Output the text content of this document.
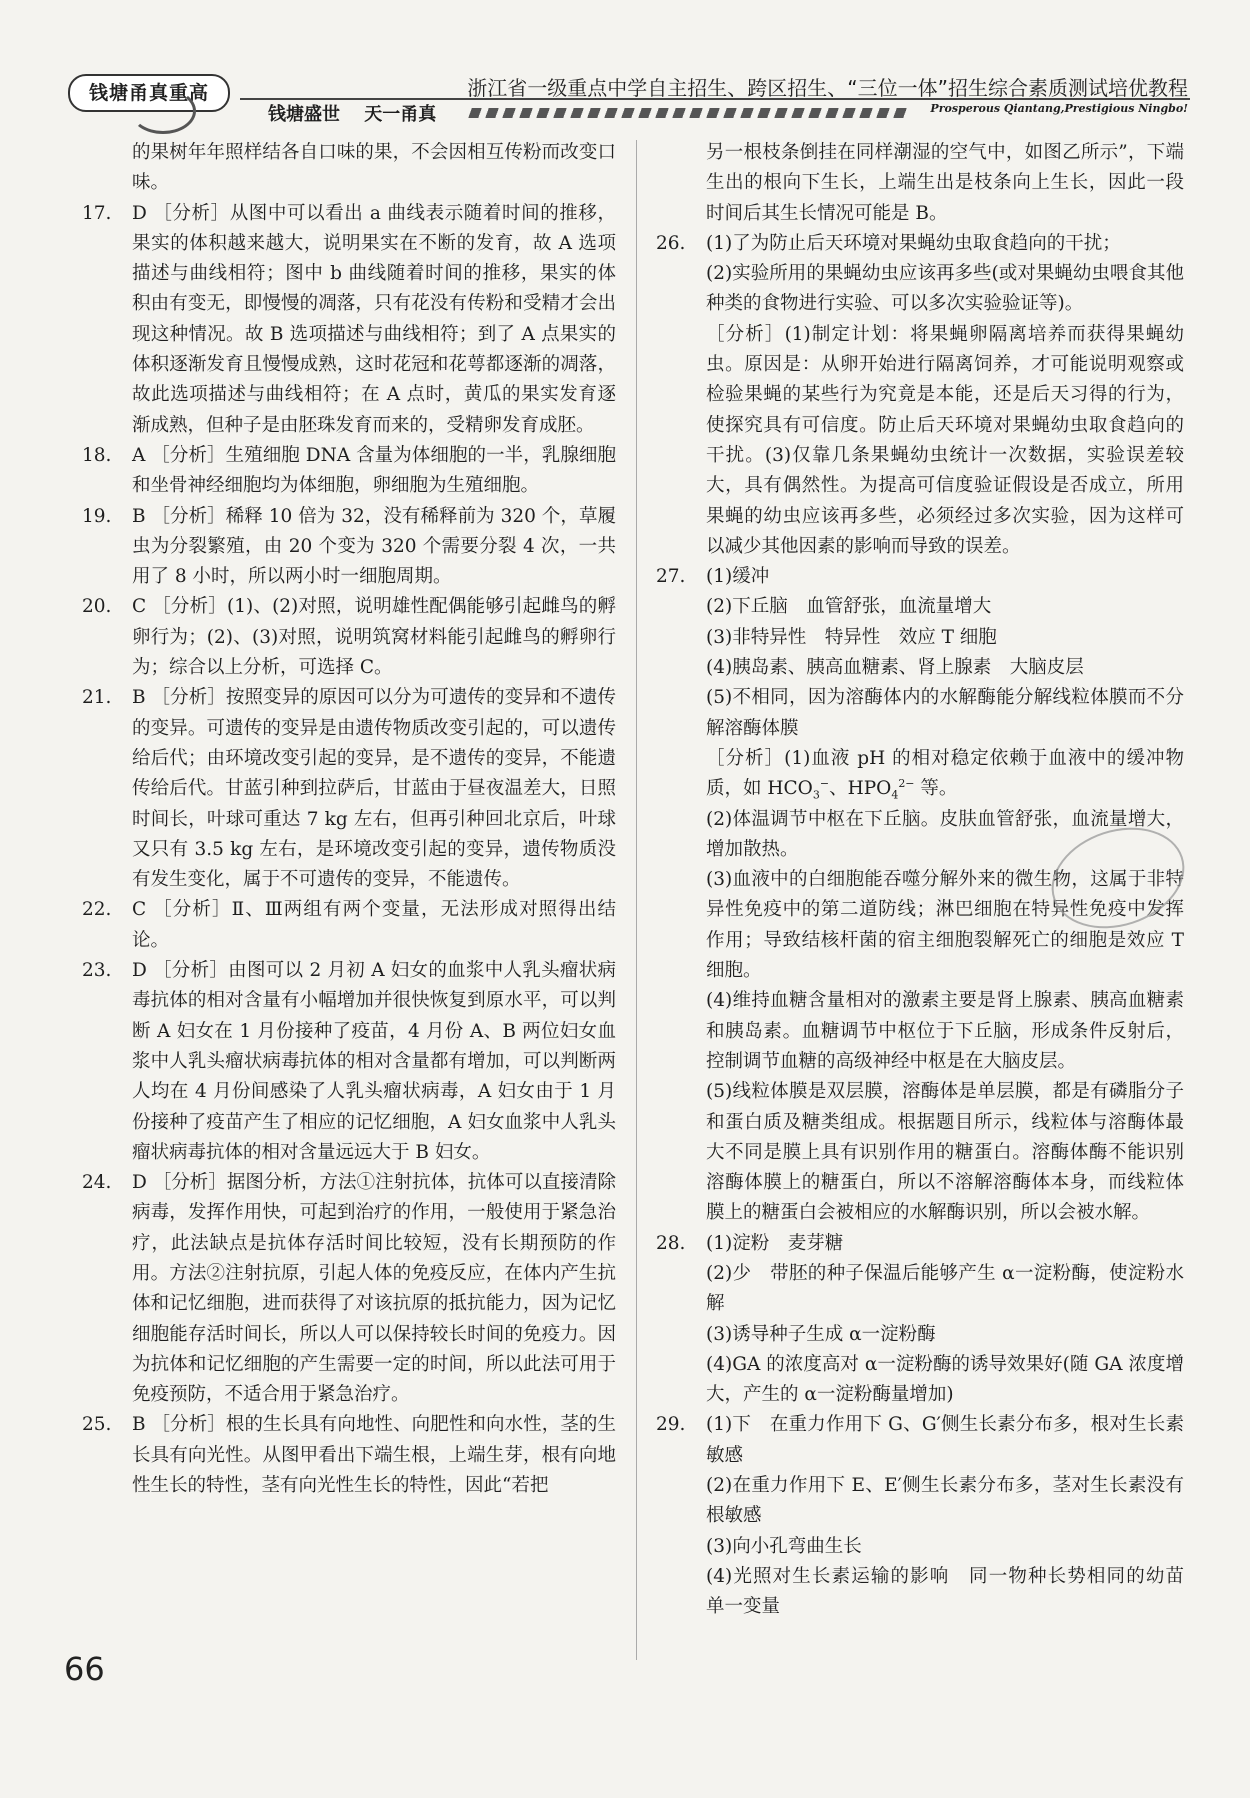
钱塘甬真重高	浙江省一级重点中学自主招生、跨区招生、“三位一体”招生综合素质测试培优教程
钱塘盛世 天一甬真	Prosperous Qiantang,Prestigious Ningbo!
的果树年年照样结各自口味的果，不会因相互传粉而改变口味。
17. D ［分析］从图中可以看出 a 曲线表示随着时间的推移，果实的体积越来越大，说明果实在不断的发育，故 A 选项描述与曲线相符；图中 b 曲线随着时间的推移，果实的体积由有变无，即慢慢的凋落，只有花没有传粉和受精才会出现这种情况。故 B 选项描述与曲线相符；到了 A 点果实的体积逐渐发育且慢慢成熟，这时花冠和花萼都逐渐的凋落，故此选项描述与曲线相符；在 A 点时，黄瓜的果实发育逐渐成熟，但种子是由胚珠发育而来的，受精卵发育成胚。
18. A ［分析］生殖细胞 DNA 含量为体细胞的一半，乳腺细胞和坐骨神经细胞均为体细胞，卵细胞为生殖细胞。
19. B ［分析］稀释 10 倍为 32，没有稀释前为 320 个，草履虫为分裂繁殖，由 20 个变为 320 个需要分裂 4 次，一共用了 8 小时，所以两小时一细胞周期。
20. C ［分析］(1)、(2)对照，说明雄性配偶能够引起雌鸟的孵卵行为；(2)、(3)对照，说明筑窝材料能引起雌鸟的孵卵行为；综合以上分析，可选择 C。
21. B ［分析］按照变异的原因可以分为可遗传的变异和不遗传的变异。可遗传的变异是由遗传物质改变引起的，可以遗传给后代；由环境改变引起的变异，是不遗传的变异，不能遗传给后代。甘蓝引种到拉萨后，甘蓝由于昼夜温差大，日照时间长，叶球可重达 7 kg 左右，但再引种回北京后，叶球又只有 3.5 kg 左右，是环境改变引起的变异，遗传物质没有发生变化，属于不可遗传的变异，不能遗传。
22. C ［分析］Ⅱ、Ⅲ两组有两个变量，无法形成对照得出结论。
23. D ［分析］由图可以 2 月初 A 妇女的血浆中人乳头瘤状病毒抗体的相对含量有小幅增加并很快恢复到原水平，可以判断 A 妇女在 1 月份接种了疫苗，4 月份 A、B 两位妇女血浆中人乳头瘤状病毒抗体的相对含量都有增加，可以判断两人均在 4 月份间感染了人乳头瘤状病毒，A 妇女由于 1 月份接种了疫苗产生了相应的记忆细胞，A 妇女血浆中人乳头瘤状病毒抗体的相对含量远远大于 B 妇女。
24. D ［分析］据图分析，方法①注射抗体，抗体可以直接清除病毒，发挥作用快，可起到治疗的作用，一般使用于紧急治疗，此法缺点是抗体存活时间比较短，没有长期预防的作用。方法②注射抗原，引起人体的免疫反应，在体内产生抗体和记忆细胞，进而获得了对该抗原的抵抗能力，因为记忆细胞能存活时间长，所以人可以保持较长时间的免疫力。因为抗体和记忆细胞的产生需要一定的时间，所以此法可用于免疫预防，不适合用于紧急治疗。
25. B ［分析］根的生长具有向地性、向肥性和向水性，茎的生长具有向光性。从图甲看出下端生根，上端生芽，根有向地性生长的特性，茎有向光性生长的特性，因此“若把
另一根枝条倒挂在同样潮湿的空气中，如图乙所示”，下端生出的根向下生长，上端生出是枝条向上生长，因此一段时间后其生长情况可能是 B。
26. (1)了为防止后天环境对果蝇幼虫取食趋向的干扰；
(2)实验所用的果蝇幼虫应该再多些(或对果蝇幼虫喂食其他种类的食物进行实验、可以多次实验验证等)。
［分析］(1)制定计划：将果蝇卵隔离培养而获得果蝇幼虫。原因是：从卵开始进行隔离饲养，才可能说明观察或检验果蝇的某些行为究竟是本能，还是后天习得的行为，使探究具有可信度。防止后天环境对果蝇幼虫取食趋向的干扰。(3)仅靠几条果蝇幼虫统计一次数据，实验误差较大，具有偶然性。为提高可信度验证假设是否成立，所用果蝇的幼虫应该再多些，必须经过多次实验，因为这样可以减少其他因素的影响而导致的误差。
27. (1)缓冲
(2)下丘脑　血管舒张，血流量增大
(3)非特异性　特异性　效应 T 细胞
(4)胰岛素、胰高血糖素、肾上腺素　大脑皮层
(5)不相同，因为溶酶体内的水解酶能分解线粒体膜而不分解溶酶体膜
［分析］(1)血液 pH 的相对稳定依赖于血液中的缓冲物质，如 $HCO_3^-$、$HPO_4^{2-}$ 等。
(2)体温调节中枢在下丘脑。皮肤血管舒张，血流量增大，增加散热。
(3)血液中的白细胞能吞噬分解外来的微生物，这属于非特异性免疫中的第二道防线；淋巴细胞在特异性免疫中发挥作用；导致结核杆菌的宿主细胞裂解死亡的细胞是效应 T 细胞。
(4)维持血糖含量相对的激素主要是肾上腺素、胰高血糖素和胰岛素。血糖调节中枢位于下丘脑，形成条件反射后，控制调节血糖的高级神经中枢是在大脑皮层。
(5)线粒体膜是双层膜，溶酶体是单层膜，都是有磷脂分子和蛋白质及糖类组成。根据题目所示，线粒体与溶酶体最大不同是膜上具有识别作用的糖蛋白。溶酶体酶不能识别溶酶体膜上的糖蛋白，所以不溶解溶酶体本身，而线粒体膜上的糖蛋白会被相应的水解酶识别，所以会被水解。
28. (1)淀粉　麦芽糖
(2)少　带胚的种子保温后能够产生 α一淀粉酶，使淀粉水解
(3)诱导种子生成 α一淀粉酶
(4)GA 的浓度高对 α一淀粉酶的诱导效果好(随 GA 浓度增大，产生的 α一淀粉酶量增加)
29. (1)下　在重力作用下 G、G′侧生长素分布多，根对生长素敏感
(2)在重力作用下 E、E′侧生长素分布多，茎对生长素没有根敏感
(3)向小孔弯曲生长
(4)光照对生长素运输的影响　同一物种长势相同的幼苗　单一变量
66
